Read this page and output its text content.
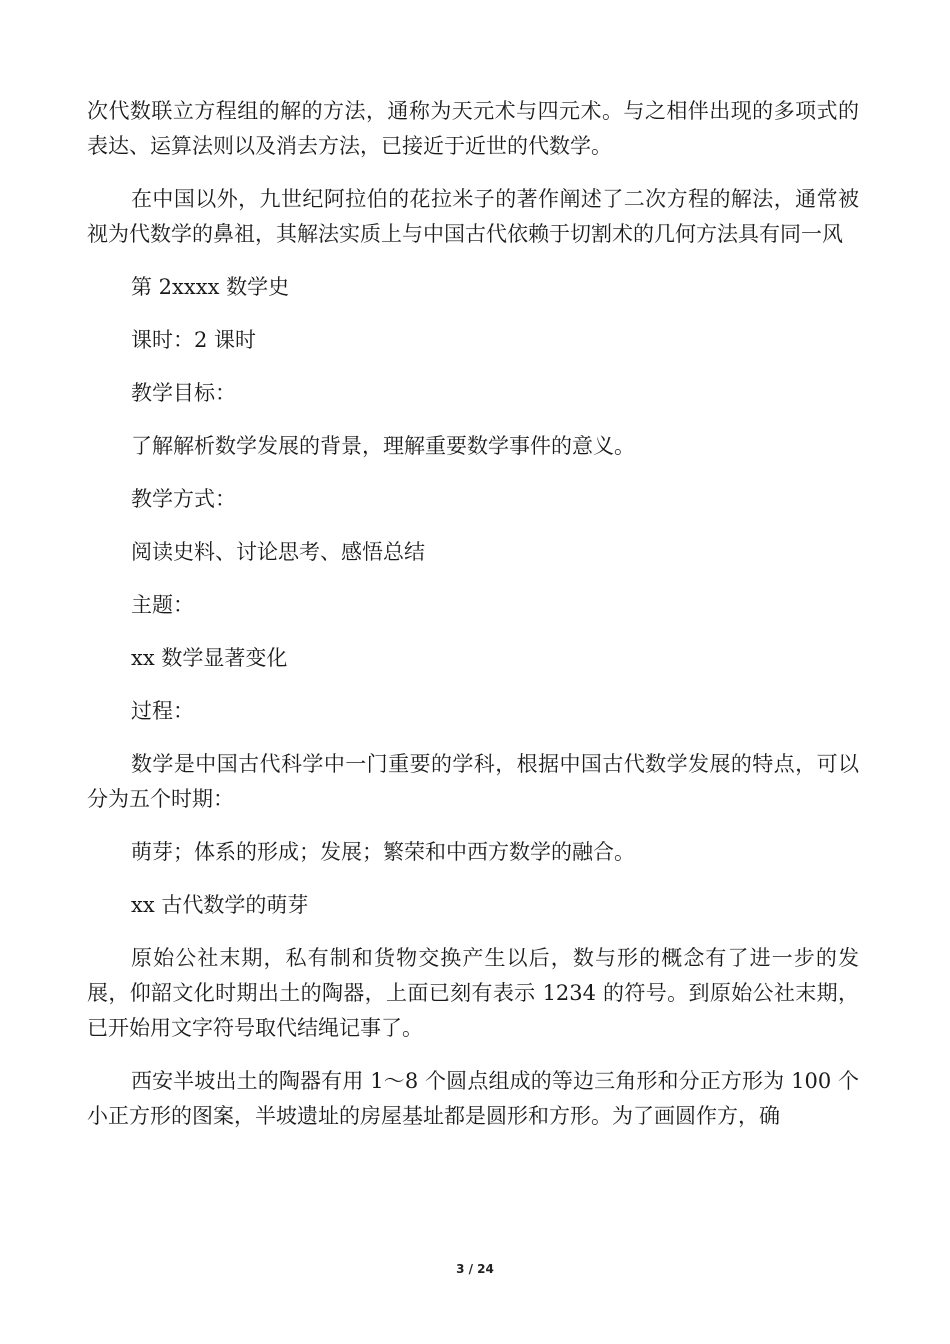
次代数联立方程组的解的方法，通称为天元术与四元术。与之相伴出现的多项式的表达、运算法则以及消去方法，已接近于近世的代数学。

在中国以外，九世纪阿拉伯的花拉米子的著作阐述了二次方程的解法，通常被视为代数学的鼻祖，其解法实质上与中国古代依赖于切割术的几何方法具有同一风

第 2xxxx 数学史

课时：2 课时

教学目标：

了解解析数学发展的背景，理解重要数学事件的意义。

教学方式：

阅读史料、讨论思考、感悟总结

主题：

xx 数学显著变化

过程：

数学是中国古代科学中一门重要的学科，根据中国古代数学发展的特点，可以分为五个时期：

萌芽；体系的形成；发展；繁荣和中西方数学的融合。

xx 古代数学的萌芽

原始公社末期，私有制和货物交换产生以后，数与形的概念有了进一步的发展，仰韶文化时期出土的陶器，上面已刻有表示 1234 的符号。到原始公社末期，已开始用文字符号取代结绳记事了。

西安半坡出土的陶器有用 1～8 个圆点组成的等边三角形和分正方形为 100 个小正方形的图案，半坡遗址的房屋基址都是圆形和方形。为了画圆作方，确

3 / 24
